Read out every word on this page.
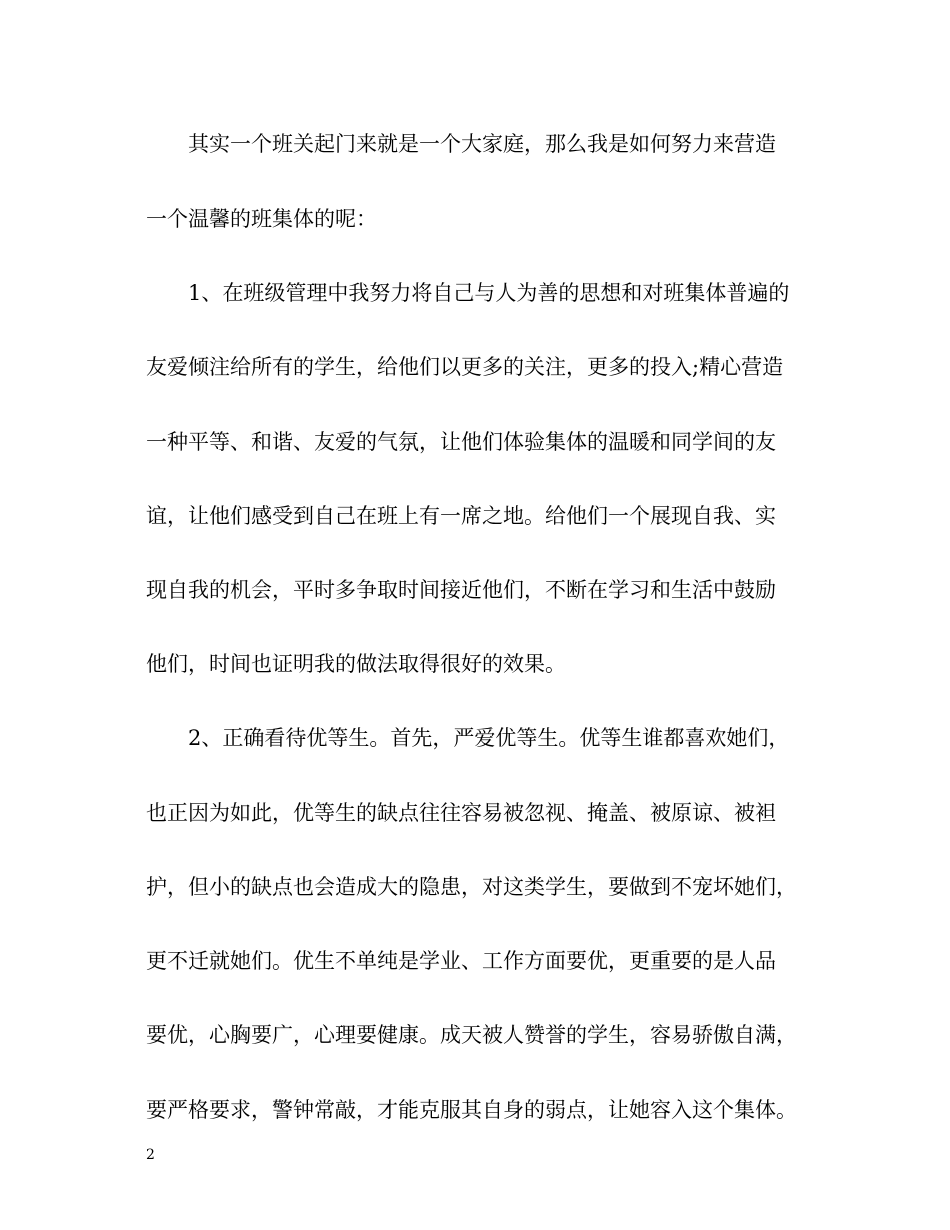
其实一个班关起门来就是一个大家庭，那么我是如何努力来营造
一个温馨的班集体的呢：
1、在班级管理中我努力将自己与人为善的思想和对班集体普遍的
友爱倾注给所有的学生，给他们以更多的关注，更多的投入;精心营造
一种平等、和谐、友爱的气氛，让他们体验集体的温暖和同学间的友
谊，让他们感受到自己在班上有一席之地。给他们一个展现自我、实
现自我的机会，平时多争取时间接近他们，不断在学习和生活中鼓励
他们，时间也证明我的做法取得很好的效果。
2、正确看待优等生。首先，严爱优等生。优等生谁都喜欢她们，
也正因为如此，优等生的缺点往往容易被忽视、掩盖、被原谅、被袒
护，但小的缺点也会造成大的隐患，对这类学生，要做到不宠坏她们，
更不迁就她们。优生不单纯是学业、工作方面要优，更重要的是人品
要优，心胸要广，心理要健康。成天被人赞誉的学生，容易骄傲自满，
要严格要求，警钟常敲，才能克服其自身的弱点，让她容入这个集体。
2
